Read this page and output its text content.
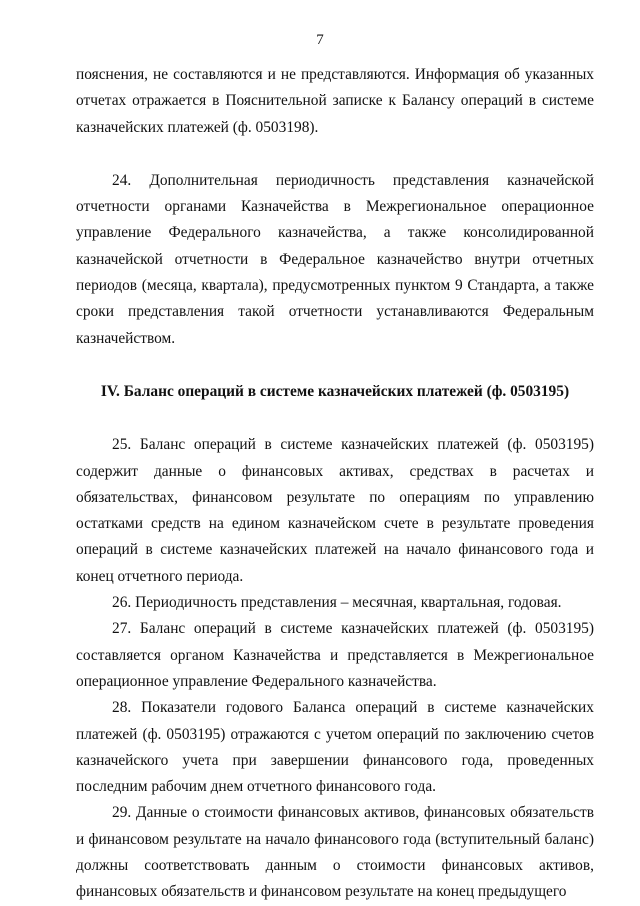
7

пояснения, не составляются и не представляются. Информация об указанных отчетах отражается в Пояснительной записке к Балансу операций в системе казначейских платежей (ф. 0503198).

24. Дополнительная периодичность представления казначейской отчетности органами Казначейства в Межрегиональное операционное управление Федерального казначейства, а также консолидированной казначейской отчетности в Федеральное казначейство внутри отчетных периодов (месяца, квартала), предусмотренных пунктом 9 Стандарта, а также сроки представления такой отчетности устанавливаются Федеральным казначейством.

IV. Баланс операций в системе казначейских платежей (ф. 0503195)

25. Баланс операций в системе казначейских платежей (ф. 0503195) содержит данные о финансовых активах, средствах в расчетах и обязательствах, финансовом результате по операциям по управлению остатками средств на едином казначейском счете в результате проведения операций в системе казначейских платежей на начало финансового года и конец отчетного периода.

26. Периодичность представления – месячная, квартальная, годовая.

27. Баланс операций в системе казначейских платежей (ф. 0503195) составляется органом Казначейства и представляется в Межрегиональное операционное управление Федерального казначейства.

28. Показатели годового Баланса операций в системе казначейских платежей (ф. 0503195) отражаются с учетом операций по заключению счетов казначейского учета при завершении финансового года, проведенных последним рабочим днем отчетного финансового года.

29. Данные о стоимости финансовых активов, финансовых обязательств и финансовом результате на начало финансового года (вступительный баланс) должны соответствовать данным о стоимости финансовых активов, финансовых обязательств и финансовом результате на конец предыдущего
